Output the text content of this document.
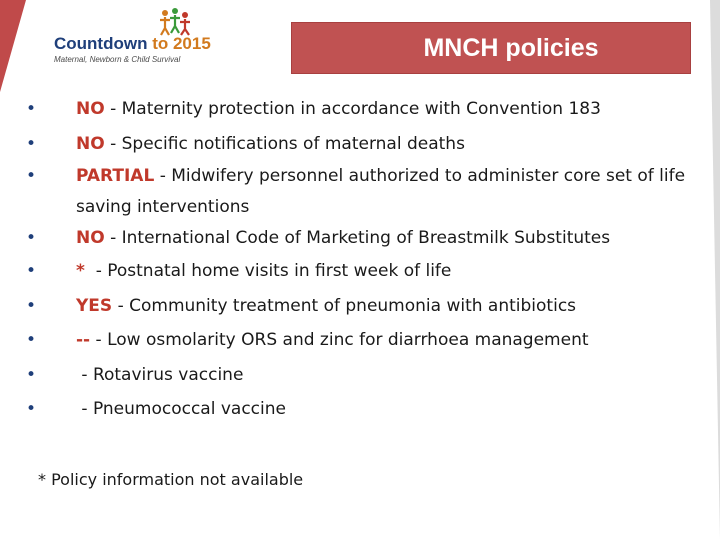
Countdown to 2015
Maternal, Newborn & Child Survival	MNCH policies
•	NO - Maternity protection in accordance with Convention 183
•	NO - Specific notifications of maternal deaths
•	PARTIAL - Midwifery personnel authorized to administer core set of life saving interventions
•	NO - International Code of Marketing of Breastmilk Substitutes
•	*  - Postnatal home visits in first week of life
•	YES - Community treatment of pneumonia with antibiotics
•	-- - Low osmolarity ORS and zinc for diarrhoea management
•	- Rotavirus vaccine
•	- Pneumococcal vaccine
* Policy information not available
